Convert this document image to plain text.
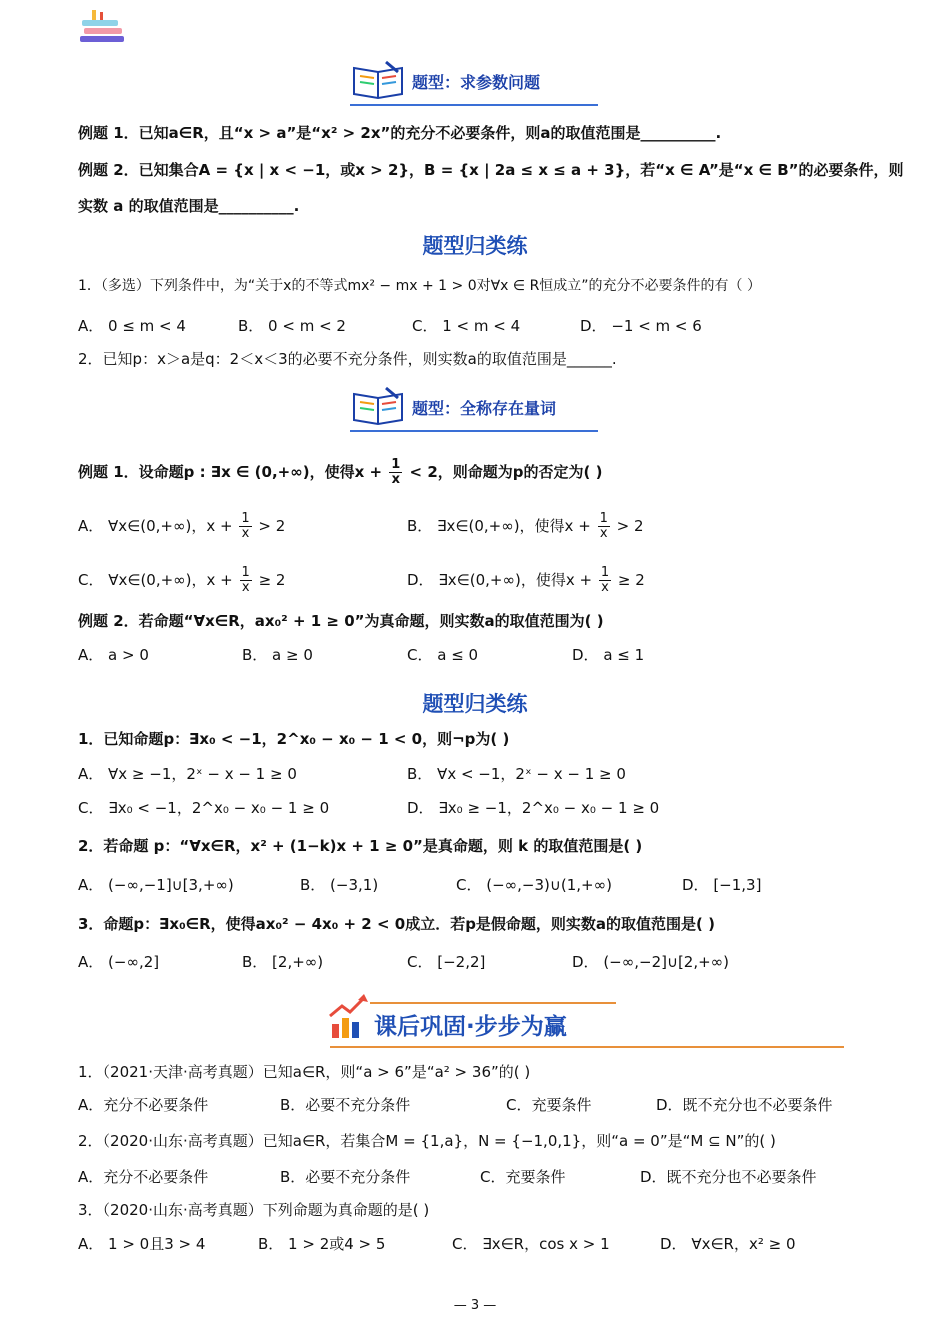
题型：求参数问题
例题 1．已知a∈R，且“x > a”是“x² > 2x”的充分不必要条件，则a的取值范围是__________.
例题 2．已知集合A = {x | x < −1，或x > 2}，B = {x | 2a ≤ x ≤ a + 3}，若“x ∈ A”是“x ∈ B”的必要条件，则
实数 a 的取值范围是__________.
题型归类练
1．（多选）下列条件中，为“关于x的不等式mx² − mx + 1 > 0对∀x ∈ R恒成立”的充分不必要条件的有（ ）
A． 0 ≤ m < 4	B． 0 < m < 2	C． 1 < m < 4	D． −1 < m < 6
2．已知p：x＞a是q：2＜x＜3的必要不充分条件，则实数a的取值范围是______.
题型：全称存在量词
例题 1．设命题p : ∃x ∈ (0,+∞)，使得$x + \frac{1}{x} < 2$，则命题为p的否定为( )
A． ∀x∈(0,+∞)，$x + \frac{1}{x} > 2$	B． ∃x∈(0,+∞)，使得$x + \frac{1}{x} > 2$
C． ∀x∈(0,+∞)，$x + \frac{1}{x} \ge 2$	D． ∃x∈(0,+∞)，使得$x + \frac{1}{x} \ge 2$
例题 2．若命题“∀x∈R，ax₀² + 1 ≥ 0”为真命题，则实数a的取值范围为( )
A． a > 0	B． a ≥ 0	C． a ≤ 0	D． a ≤ 1
题型归类练
1．已知命题p：∃x₀ < −1，2^x₀ − x₀ − 1 < 0，则¬p为( )
A． ∀x ≥ −1，2ˣ − x − 1 ≥ 0	B． ∀x < −1，2ˣ − x − 1 ≥ 0
C． ∃x₀ < −1，2^x₀ − x₀ − 1 ≥ 0	D． ∃x₀ ≥ −1，2^x₀ − x₀ − 1 ≥ 0
2．若命题 p：“∀x∈R，x² + (1−k)x + 1 ≥ 0”是真命题，则 k 的取值范围是( )
A． (−∞,−1]∪[3,+∞)	B． (−3,1)	C． (−∞,−3)∪(1,+∞)	D． [−1,3]
3．命题p：∃x₀∈R，使得ax₀² − 4x₀ + 2 < 0成立．若p是假命题，则实数a的取值范围是( )
A． (−∞,2]	B． [2,+∞)	C． [−2,2]	D． (−∞,−2]∪[2,+∞)
课后巩固·步步为赢
1．（2021·天津·高考真题）已知a∈R，则“a > 6”是“a² > 36”的( )
A．充分不必要条件	B．必要不充分条件	C．充要条件	D．既不充分也不必要条件
2．（2020·山东·高考真题）已知a∈R，若集合M = {1,a}，N = {−1,0,1}，则“a = 0”是“M ⊆ N”的( )
A．充分不必要条件	B．必要不充分条件	C．充要条件	D．既不充分也不必要条件
3．（2020·山东·高考真题）下列命题为真命题的是( )
A． 1 > 0且3 > 4	B． 1 > 2或4 > 5	C． ∃x∈R，cos x > 1	D． ∀x∈R，x² ≥ 0
— 3 —
